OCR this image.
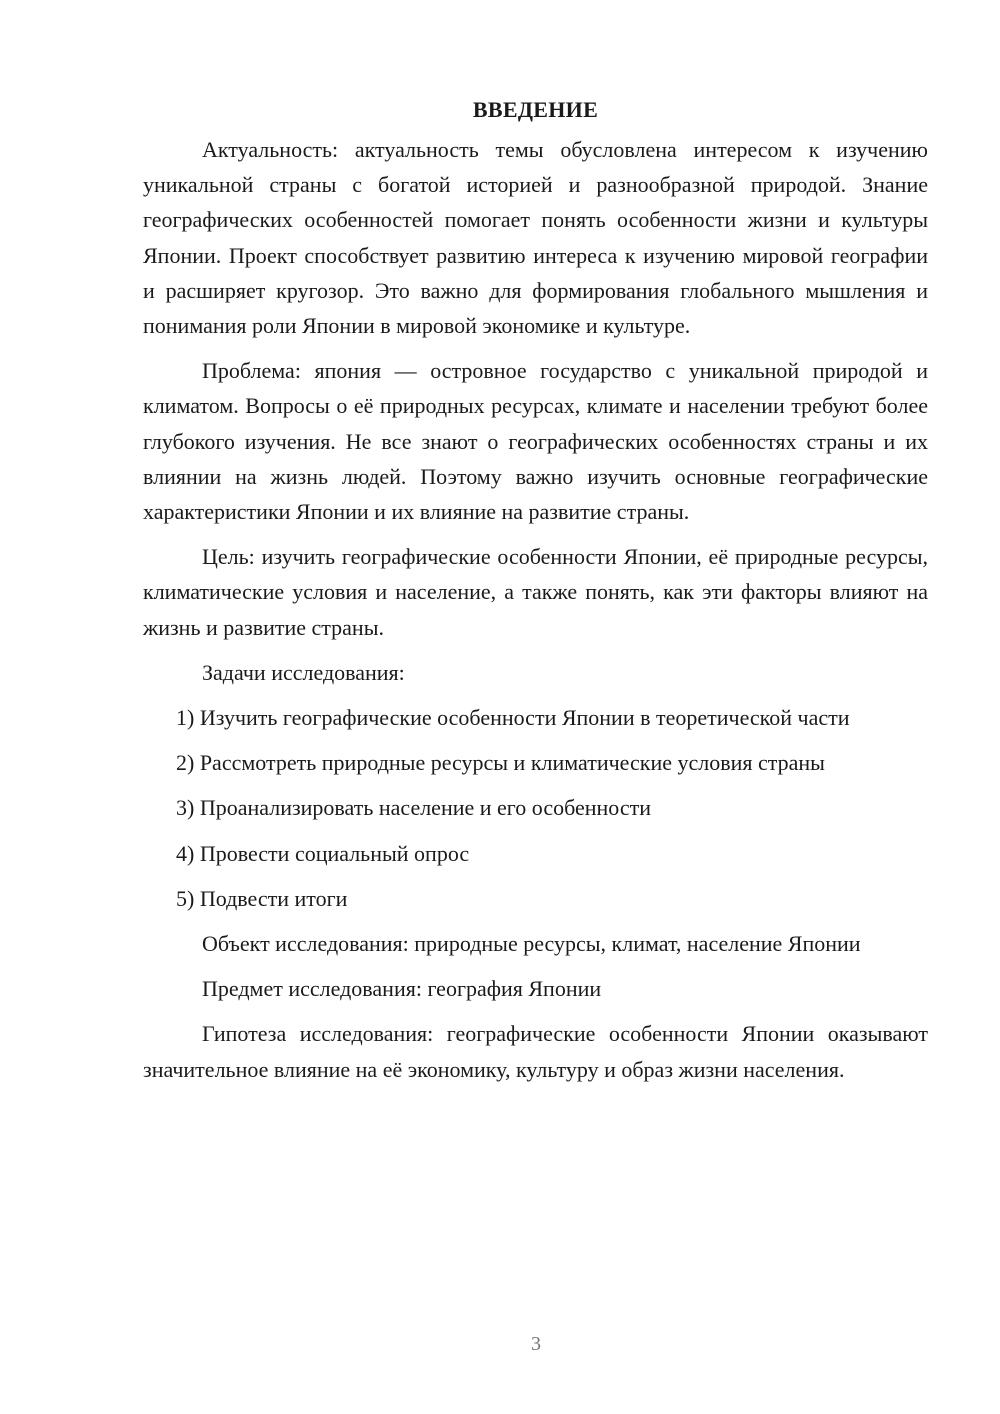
ВВЕДЕНИЕ

Актуальность: актуальность темы обусловлена интересом к изучению уникальной страны с богатой историей и разнообразной природой. Знание географических особенностей помогает понять особенности жизни и культуры Японии. Проект способствует развитию интереса к изучению мировой географии и расширяет кругозор. Это важно для формирования глобального мышления и понимания роли Японии в мировой экономике и культуре.

Проблема: япония — островное государство с уникальной природой и климатом. Вопросы о её природных ресурсах, климате и населении требуют более глубокого изучения. Не все знают о географических особенностях страны и их влиянии на жизнь людей. Поэтому важно изучить основные географические характеристики Японии и их влияние на развитие страны.

Цель: изучить географические особенности Японии, её природные ресурсы, климатические условия и население, а также понять, как эти факторы влияют на жизнь и развитие страны.

Задачи исследования:

1) Изучить географические особенности Японии в теоретической части

2) Рассмотреть природные ресурсы и климатические условия страны

3) Проанализировать население и его особенности

4) Провести социальный опрос

5) Подвести итоги

Объект исследования: природные ресурсы, климат, население Японии

Предмет исследования: география Японии

Гипотеза исследования: географические особенности Японии оказывают значительное влияние на её экономику, культуру и образ жизни населения.

3
